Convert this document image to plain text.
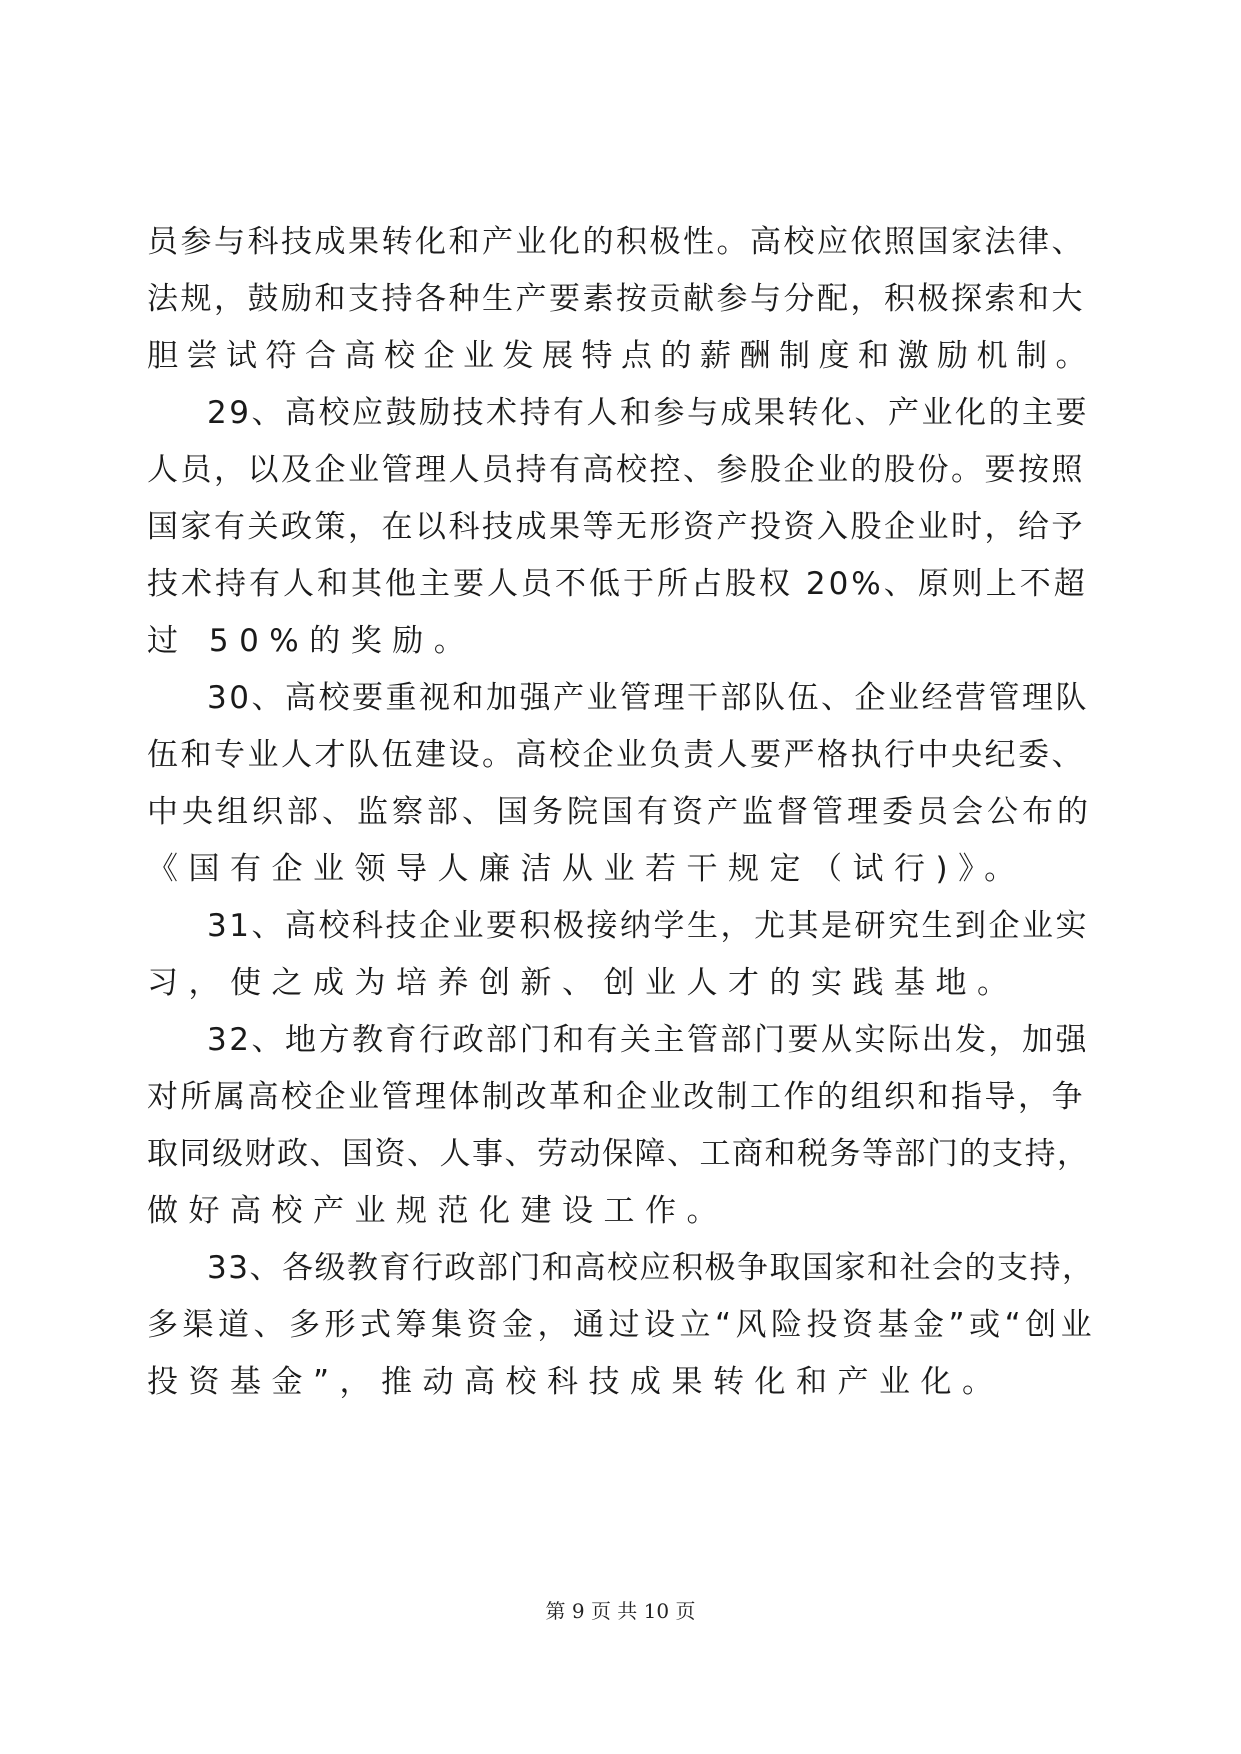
员参与科技成果转化和产业化的积极性。高校应依照国家法律、
法规，鼓励和支持各种生产要素按贡献参与分配，积极探索和大
胆尝试符合高校企业发展特点的薪酬制度和激励机制。
29、高校应鼓励技术持有人和参与成果转化、产业化的主要
人员，以及企业管理人员持有高校控、参股企业的股份。要按照
国家有关政策，在以科技成果等无形资产投资入股企业时，给予
技术持有人和其他主要人员不低于所占股权 20%、原则上不超
过 50%的奖励。
30、高校要重视和加强产业管理干部队伍、企业经营管理队
伍和专业人才队伍建设。高校企业负责人要严格执行中央纪委、
中央组织部、监察部、国务院国有资产监督管理委员会公布的
《国有企业领导人廉洁从业若干规定（试行)》。
31、高校科技企业要积极接纳学生，尤其是研究生到企业实
习，使之成为培养创新、创业人才的实践基地。
32、地方教育行政部门和有关主管部门要从实际出发，加强
对所属高校企业管理体制改革和企业改制工作的组织和指导，争
取同级财政、国资、人事、劳动保障、工商和税务等部门的支持，
做好高校产业规范化建设工作。
33、各级教育行政部门和高校应积极争取国家和社会的支持，
多渠道、多形式筹集资金，通过设立“风险投资基金”或“创业
投资基金”，推动高校科技成果转化和产业化。
第 9 页 共 10 页
